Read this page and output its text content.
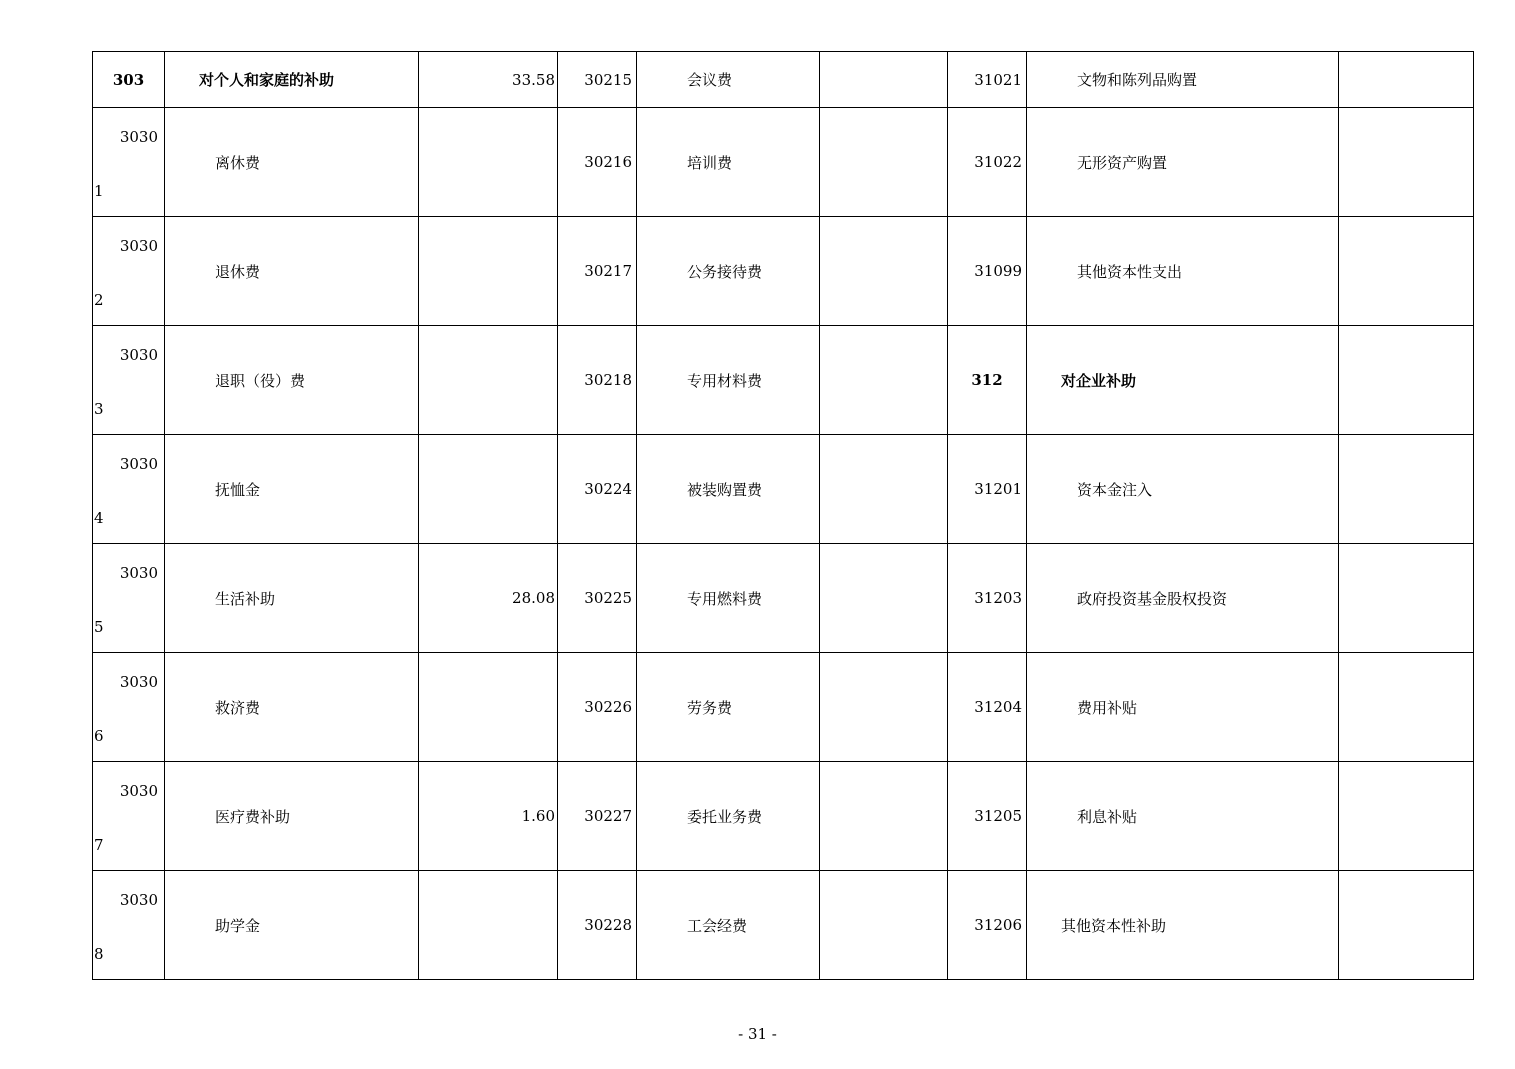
303	对个人和家庭的补助	33.58	30215	会议费		31021	文物和陈列品购置	

3030
1	离休费		30216	培训费		31022	无形资产购置	

3030
2	退休费		30217	公务接待费		31099	其他资本性支出	

3030
3	退职（役）费		30218	专用材料费		312	对企业补助	

3030
4	抚恤金		30224	被装购置费		31201	资本金注入	

3030
5	生活补助	28.08	30225	专用燃料费		31203	政府投资基金股权投资	

3030
6	救济费		30226	劳务费		31204	费用补贴	

3030
7	医疗费补助	1.60	30227	委托业务费		31205	利息补贴	

3030
8	助学金		30228	工会经费		31206	其他资本性补助	
- 31 -
